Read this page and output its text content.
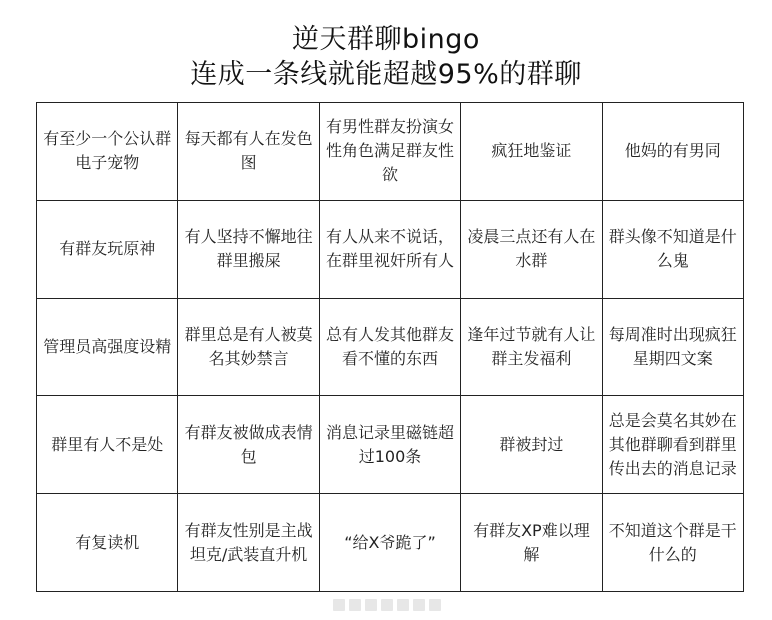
逆天群聊bingo
连成一条线就能超越95%的群聊
有至少一个公认群电子宠物
每天都有人在发色图
有男性群友扮演女性角色满足群友性欲
疯狂地鉴证	他妈的有男同
有群友玩原神
有人坚持不懈地往群里搬屎
有人从来不说话，在群里视奸所有人
凌晨三点还有人在水群
群头像不知道是什么鬼
管理员高强度设精
群里总是有人被莫名其妙禁言
总有人发其他群友看不懂的东西
逢年过节就有人让群主发福利
每周准时出现疯狂星期四文案
群里有人不是处
有群友被做成表情包
消息记录里磁链超过100条
群被封过
总是会莫名其妙在其他群聊看到群里传出去的消息记录
有复读机
有群友性别是主战坦克/武装直升机
“给X爷跪了”
有群友XP难以理解
不知道这个群是干什么的
